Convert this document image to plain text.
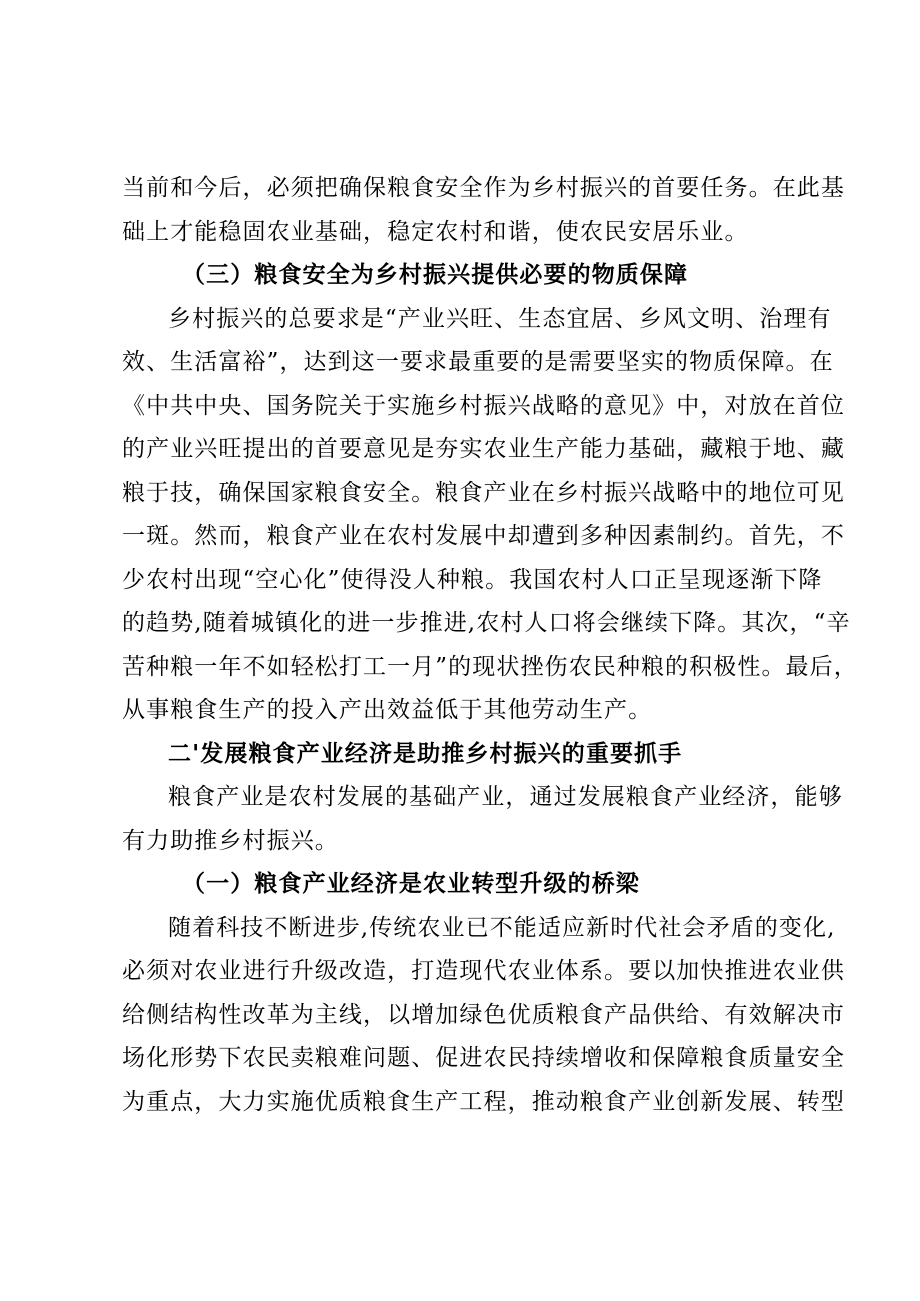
当前和今后，必须把确保粮食安全作为乡村振兴的首要任务。在此基
础上才能稳固农业基础，稳定农村和谐，使农民安居乐业。
（三）粮食安全为乡村振兴提供必要的物质保障
乡村振兴的总要求是“产业兴旺、生态宜居、乡风文明、治理有
效、生活富裕”，达到这一要求最重要的是需要坚实的物质保障。在
《中共中央、国务院关于实施乡村振兴战略的意见》中，对放在首位
的产业兴旺提出的首要意见是夯实农业生产能力基础，藏粮于地、藏
粮于技，确保国家粮食安全。粮食产业在乡村振兴战略中的地位可见
一斑。然而，粮食产业在农村发展中却遭到多种因素制约。首先，不
少农村出现“空心化”使得没人种粮。我国农村人口正呈现逐渐下降
的趋势,随着城镇化的进一步推进,农村人口将会继续下降。其次，“辛
苦种粮一年不如轻松打工一月”的现状挫伤农民种粮的积极性。最后，
从事粮食生产的投入产出效益低于其他劳动生产。
二'发展粮食产业经济是助推乡村振兴的重要抓手
粮食产业是农村发展的基础产业，通过发展粮食产业经济，能够
有力助推乡村振兴。
（一）粮食产业经济是农业转型升级的桥梁
随着科技不断进步,传统农业已不能适应新时代社会矛盾的变化,
必须对农业进行升级改造，打造现代农业体系。要以加快推进农业供
给侧结构性改革为主线，以增加绿色优质粮食产品供给、有效解决市
场化形势下农民卖粮难问题、促进农民持续增收和保障粮食质量安全
为重点，大力实施优质粮食生产工程，推动粮食产业创新发展、转型
